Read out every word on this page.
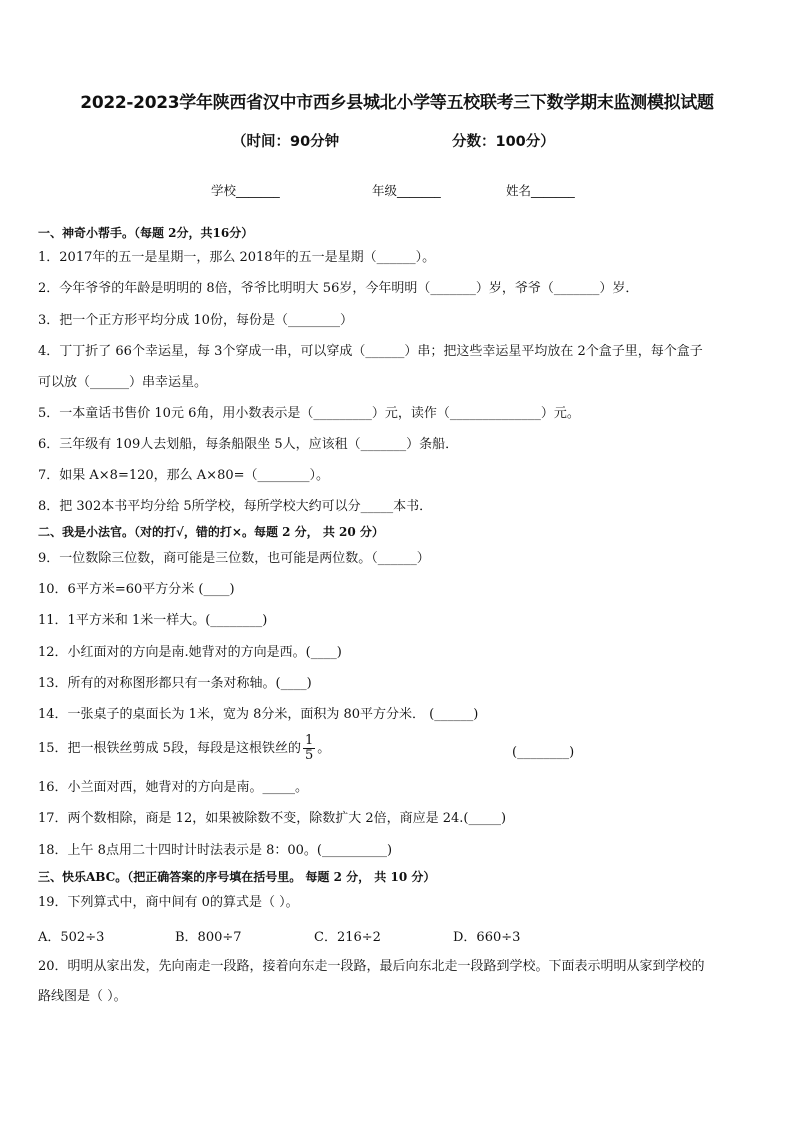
2022-2023学年陕西省汉中市西乡县城北小学等五校联考三下数学期末监测模拟试题
（时间：90分钟	分数：100分）
学校_______	年级_______	姓名_______
一、神奇小帮手。（每题 2分，共16分）
1．2017年的五一是星期一，那么 2018年的五一是星期（______）。
2．今年爷爷的年龄是明明的 8倍，爷爷比明明大 56岁，今年明明（_______）岁，爷爷（_______）岁．
3．把一个正方形平均分成 10份，每份是（________）
4．丁丁折了 66个幸运星，每 3个穿成一串，可以穿成（______）串；把这些幸运星平均放在 2个盒子里，每个盒子
可以放（______）串幸运星。
5．一本童话书售价 10元 6角，用小数表示是（_________）元，读作（______________）元。
6．三年级有 109人去划船，每条船限坐 5人，应该租（_______）条船．
7．如果 A×8=120，那么 A×80=（________）。
8．把 302本书平均分给 5所学校，每所学校大约可以分_____本书．
二、我是小法官。（对的打√，错的打×。每题 2 分， 共 20 分）
9．一位数除三位数，商可能是三位数，也可能是两位数。（______）
10．6平方米=60平方分米 (____)
11．1平方米和 1米一样大。(________)
12．小红面对的方向是南.她背对的方向是西。(____)
13．所有的对称图形都只有一条对称轴。(____)
14．一张桌子的桌面长为 1米，宽为 8分米，面积为 80平方分米． (______)
15．把一根铁丝剪成 5段，每段是这根铁丝的 $\frac{1}{5}$ 。	(________)
16．小兰面对西，她背对的方向是南。_____。
17．两个数相除，商是 12，如果被除数不变，除数扩大 2倍，商应是 24.(_____)
18．上午 8点用二十四时计时法表示是 8：00。(__________)
三、快乐ABC。（把正确答案的序号填在括号里。 每题 2 分， 共 10 分）
19．下列算式中，商中间有 0的算式是（ ）。
A．502÷3	B．800÷7	C．216÷2	D．660÷3
20．明明从家出发，先向南走一段路，接着向东走一段路，最后向东北走一段路到学校。下面表示明明从家到学校的
路线图是（ ）。
